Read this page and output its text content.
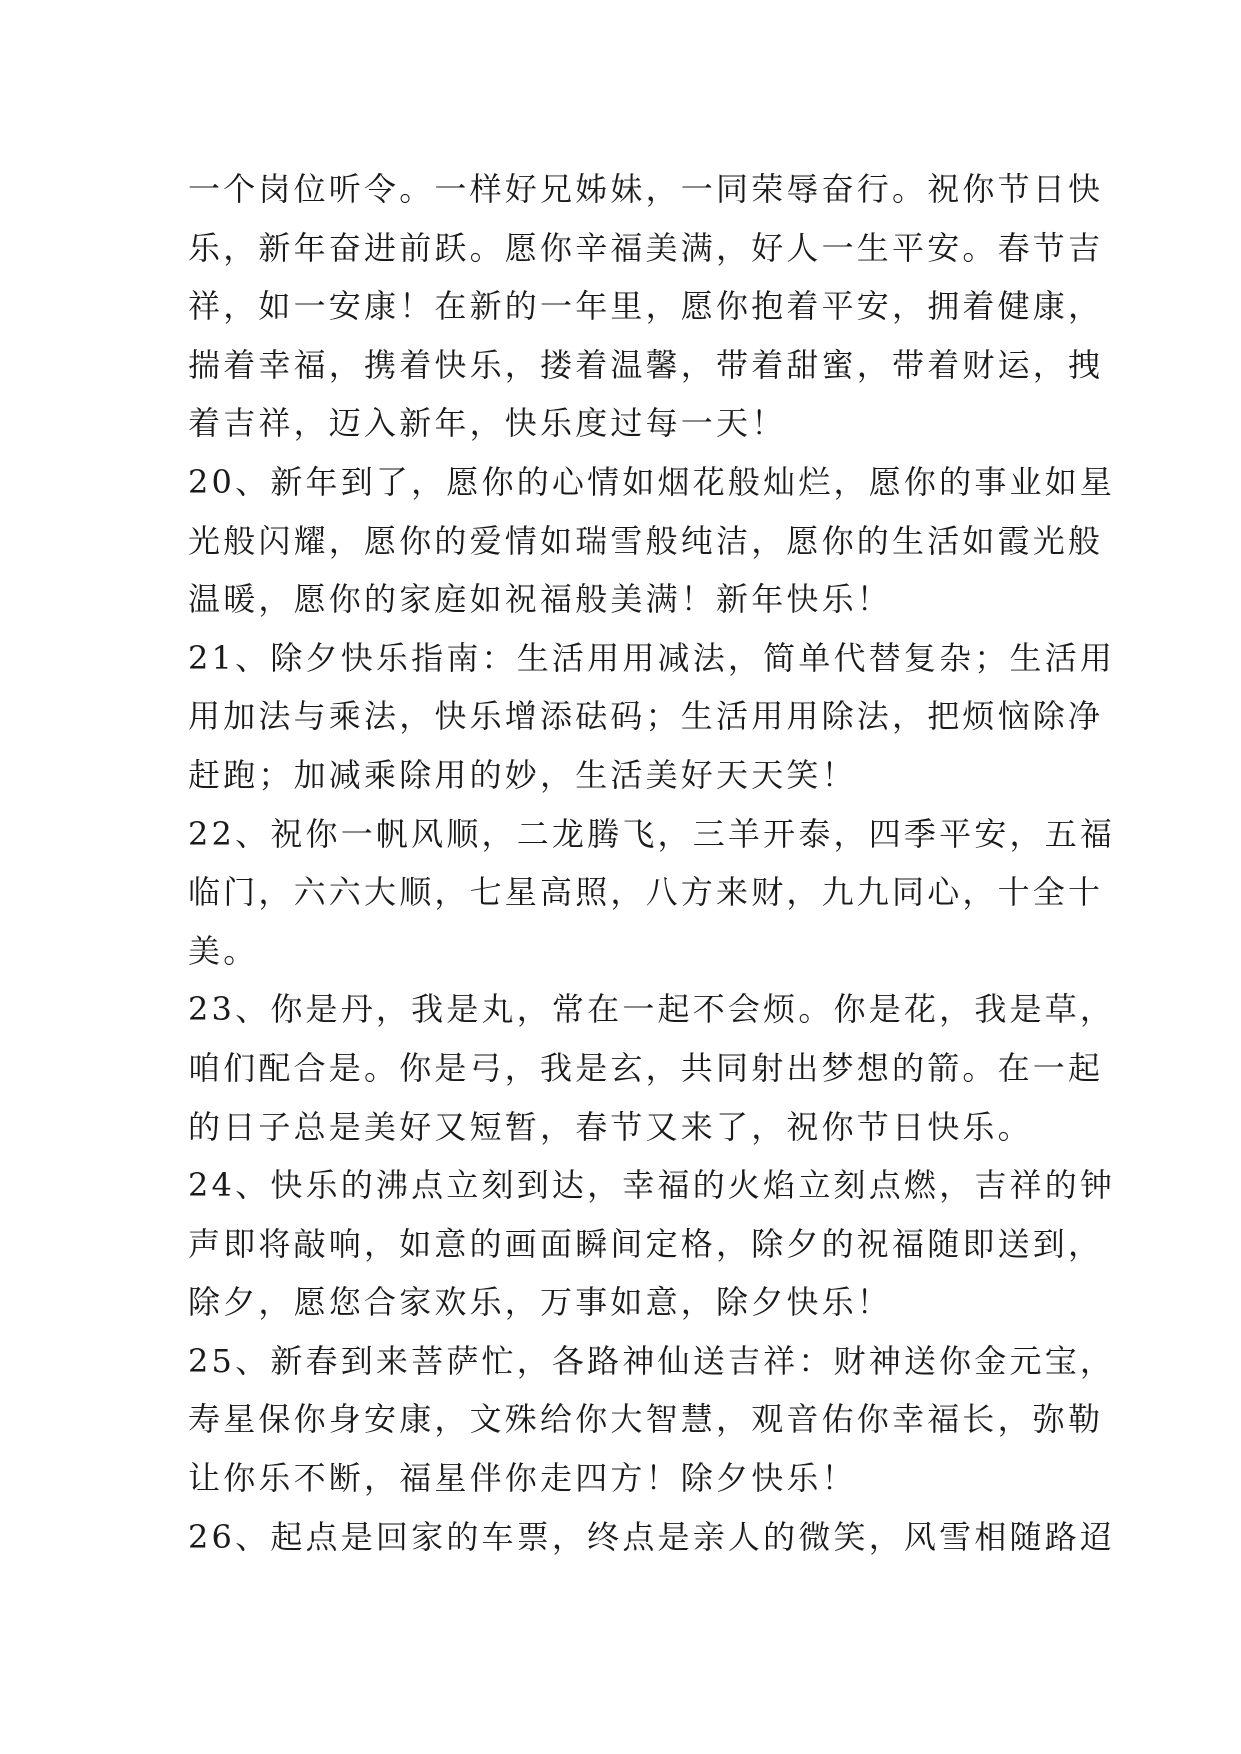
一个岗位听令。一样好兄姊妹，一同荣辱奋行。祝你节日快
乐，新年奋进前跃。愿你辛福美满，好人一生平安。春节吉
祥，如一安康！在新的一年里，愿你抱着平安，拥着健康，
揣着幸福，携着快乐，搂着温馨，带着甜蜜，带着财运，拽
着吉祥，迈入新年，快乐度过每一天！
20、新年到了，愿你的心情如烟花般灿烂，愿你的事业如星
光般闪耀，愿你的爱情如瑞雪般纯洁，愿你的生活如霞光般
温暖，愿你的家庭如祝福般美满！新年快乐！
21、除夕快乐指南：生活用用减法，简单代替复杂；生活用
用加法与乘法，快乐增添砝码；生活用用除法，把烦恼除净
赶跑；加减乘除用的妙，生活美好天天笑！
22、祝你一帆风顺，二龙腾飞，三羊开泰，四季平安，五福
临门，六六大顺，七星高照，八方来财，九九同心，十全十
美。
23、你是丹，我是丸，常在一起不会烦。你是花，我是草，
咱们配合是。你是弓，我是玄，共同射出梦想的箭。在一起
的日子总是美好又短暂，春节又来了，祝你节日快乐。
24、快乐的沸点立刻到达，幸福的火焰立刻点燃，吉祥的钟
声即将敲响，如意的画面瞬间定格，除夕的祝福随即送到，
除夕，愿您合家欢乐，万事如意，除夕快乐！
25、新春到来菩萨忙，各路神仙送吉祥：财神送你金元宝，
寿星保你身安康，文殊给你大智慧，观音佑你幸福长，弥勒
让你乐不断，福星伴你走四方！除夕快乐！
26、起点是回家的车票，终点是亲人的微笑，风雪相随路迢
